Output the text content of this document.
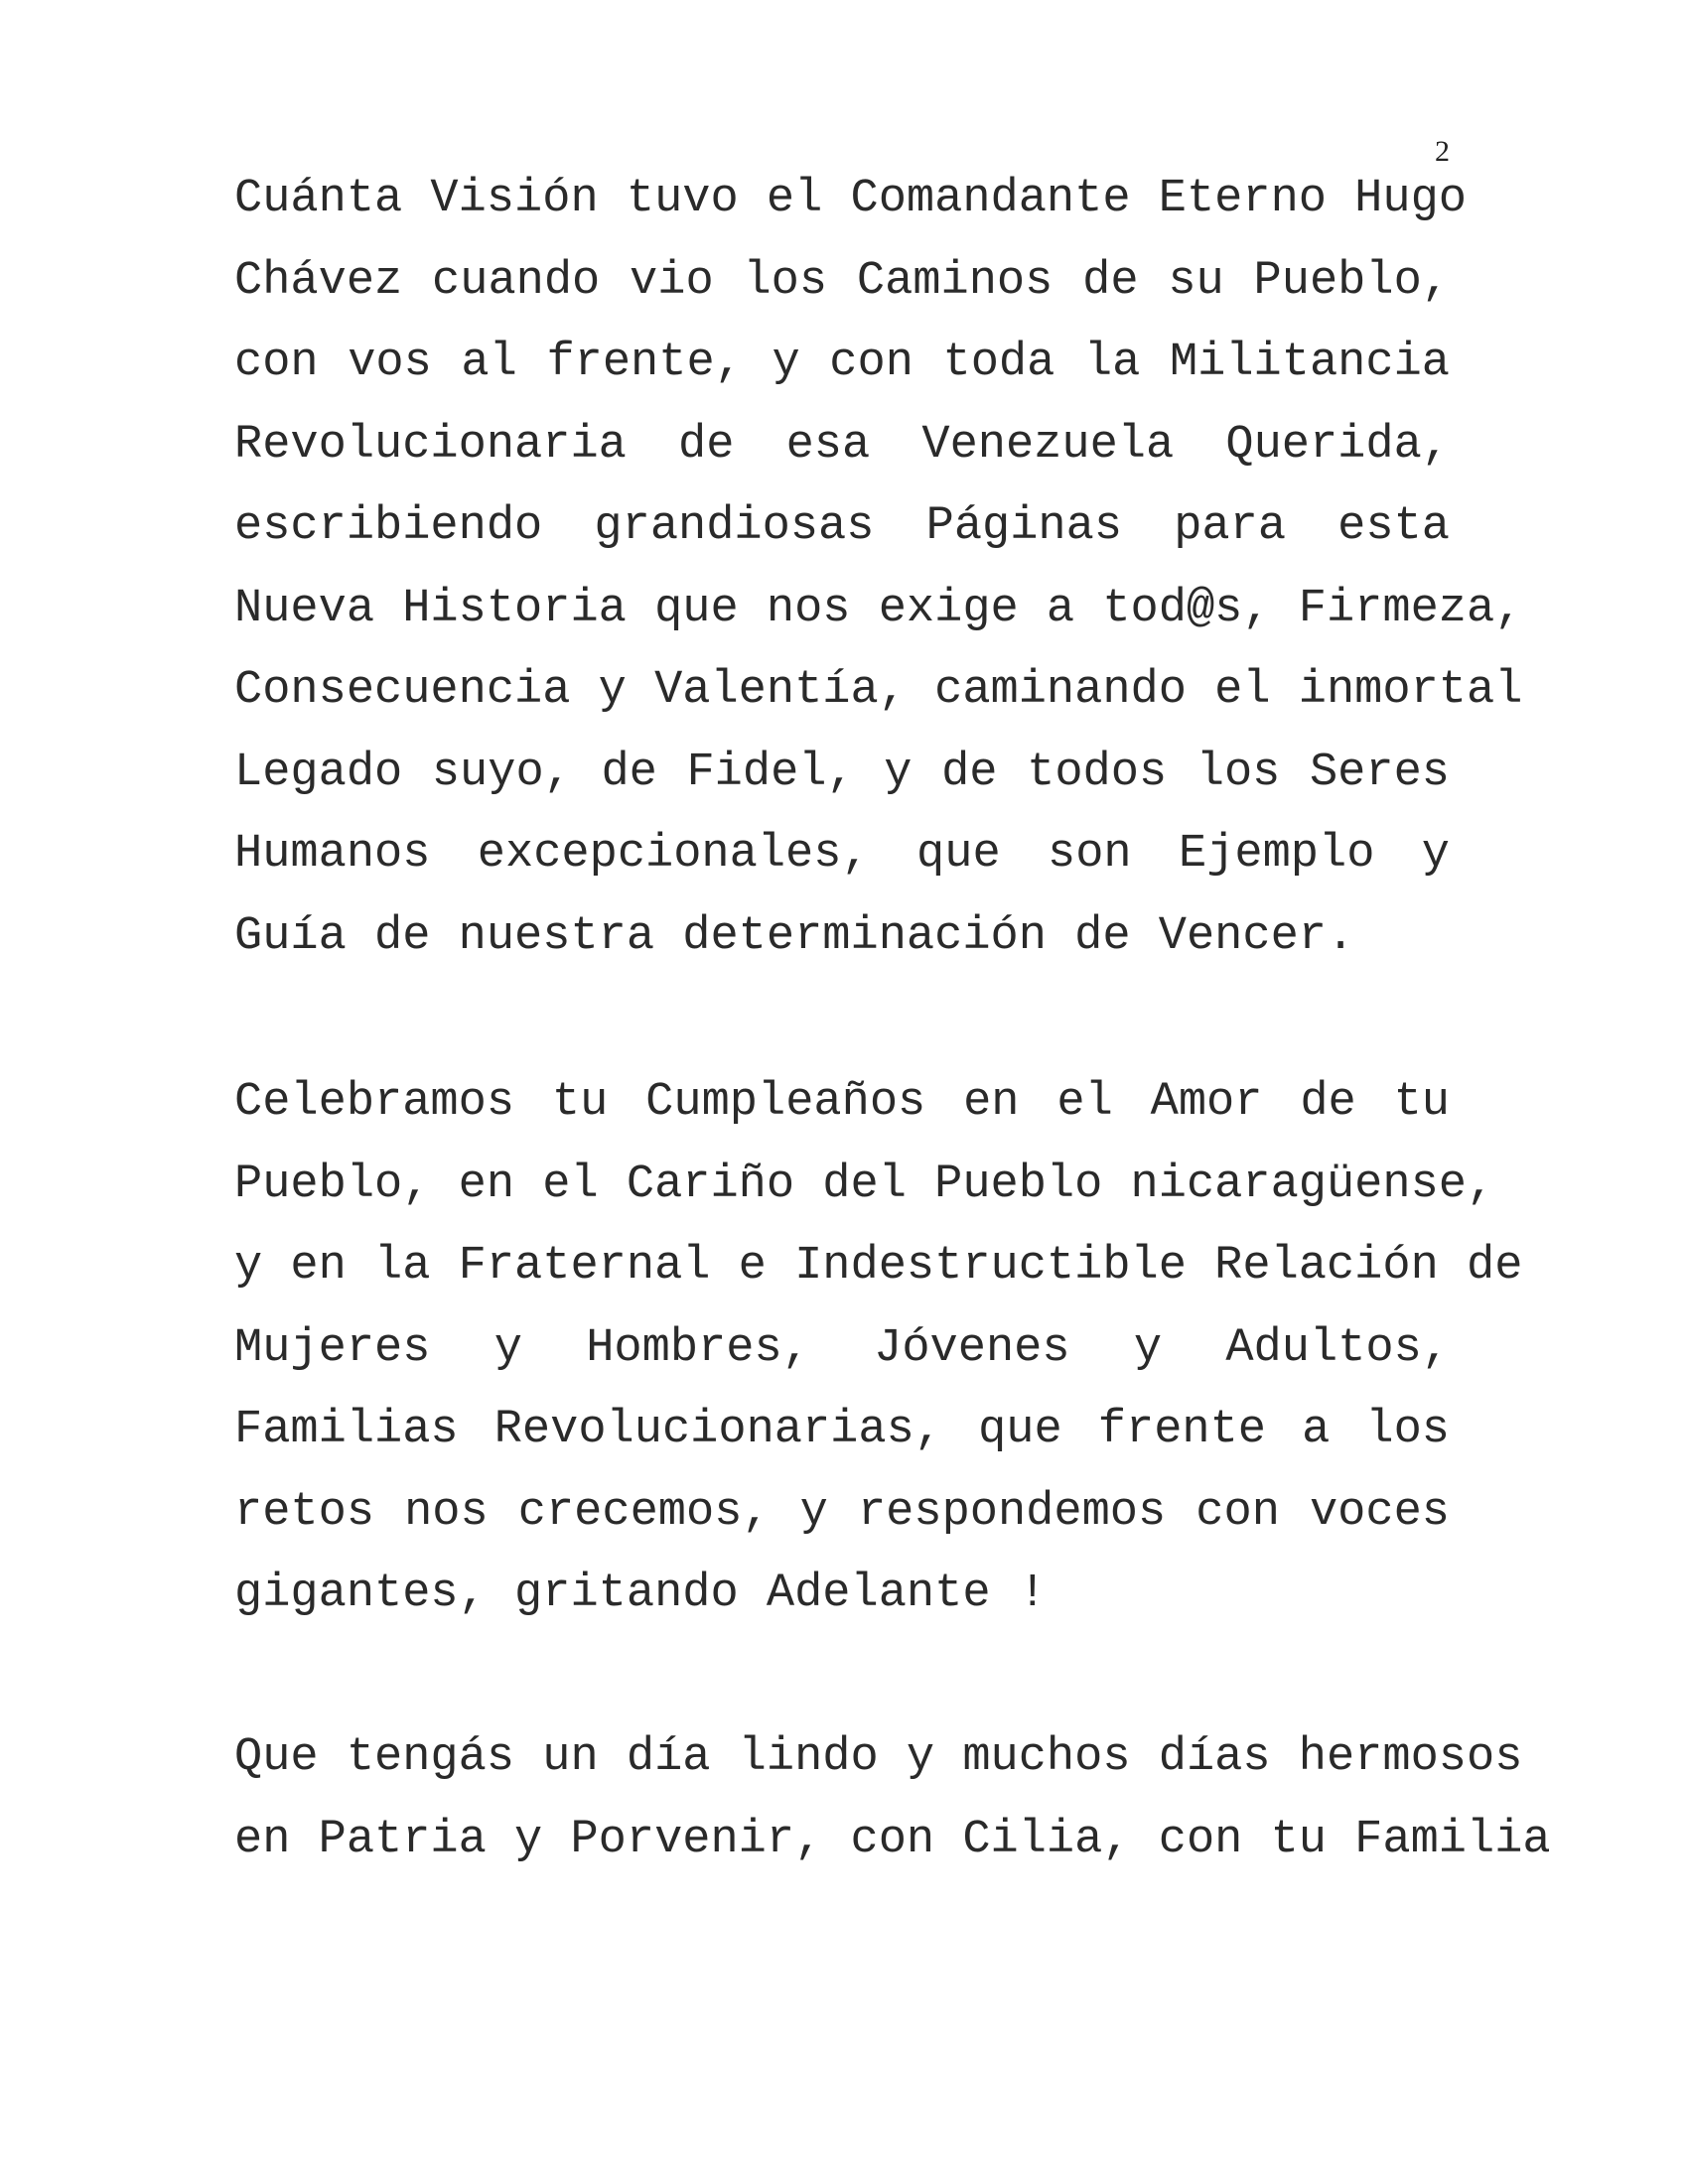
2
Cuánta Visión tuvo el Comandante Eterno Hugo
Chávez cuando vio los Caminos de su Pueblo,
con vos al frente, y con toda la Militancia
Revolucionaria de esa Venezuela Querida,
escribiendo grandiosas Páginas para esta
Nueva Historia que nos exige a tod@s, Firmeza,
Consecuencia y Valentía, caminando el inmortal
Legado suyo, de Fidel, y de todos los Seres
Humanos excepcionales, que son Ejemplo y
Guía de nuestra determinación de Vencer.
Celebramos tu Cumpleaños en el Amor de tu
Pueblo, en el Cariño del Pueblo nicaragüense,
y en la Fraternal e Indestructible Relación de
Mujeres y Hombres, Jóvenes y Adultos,
Familias Revolucionarias, que frente a los
retos nos crecemos, y respondemos con voces
gigantes, gritando Adelante !
Que tengás un día lindo y muchos días hermosos
en Patria y Porvenir, con Cilia, con tu Familia
